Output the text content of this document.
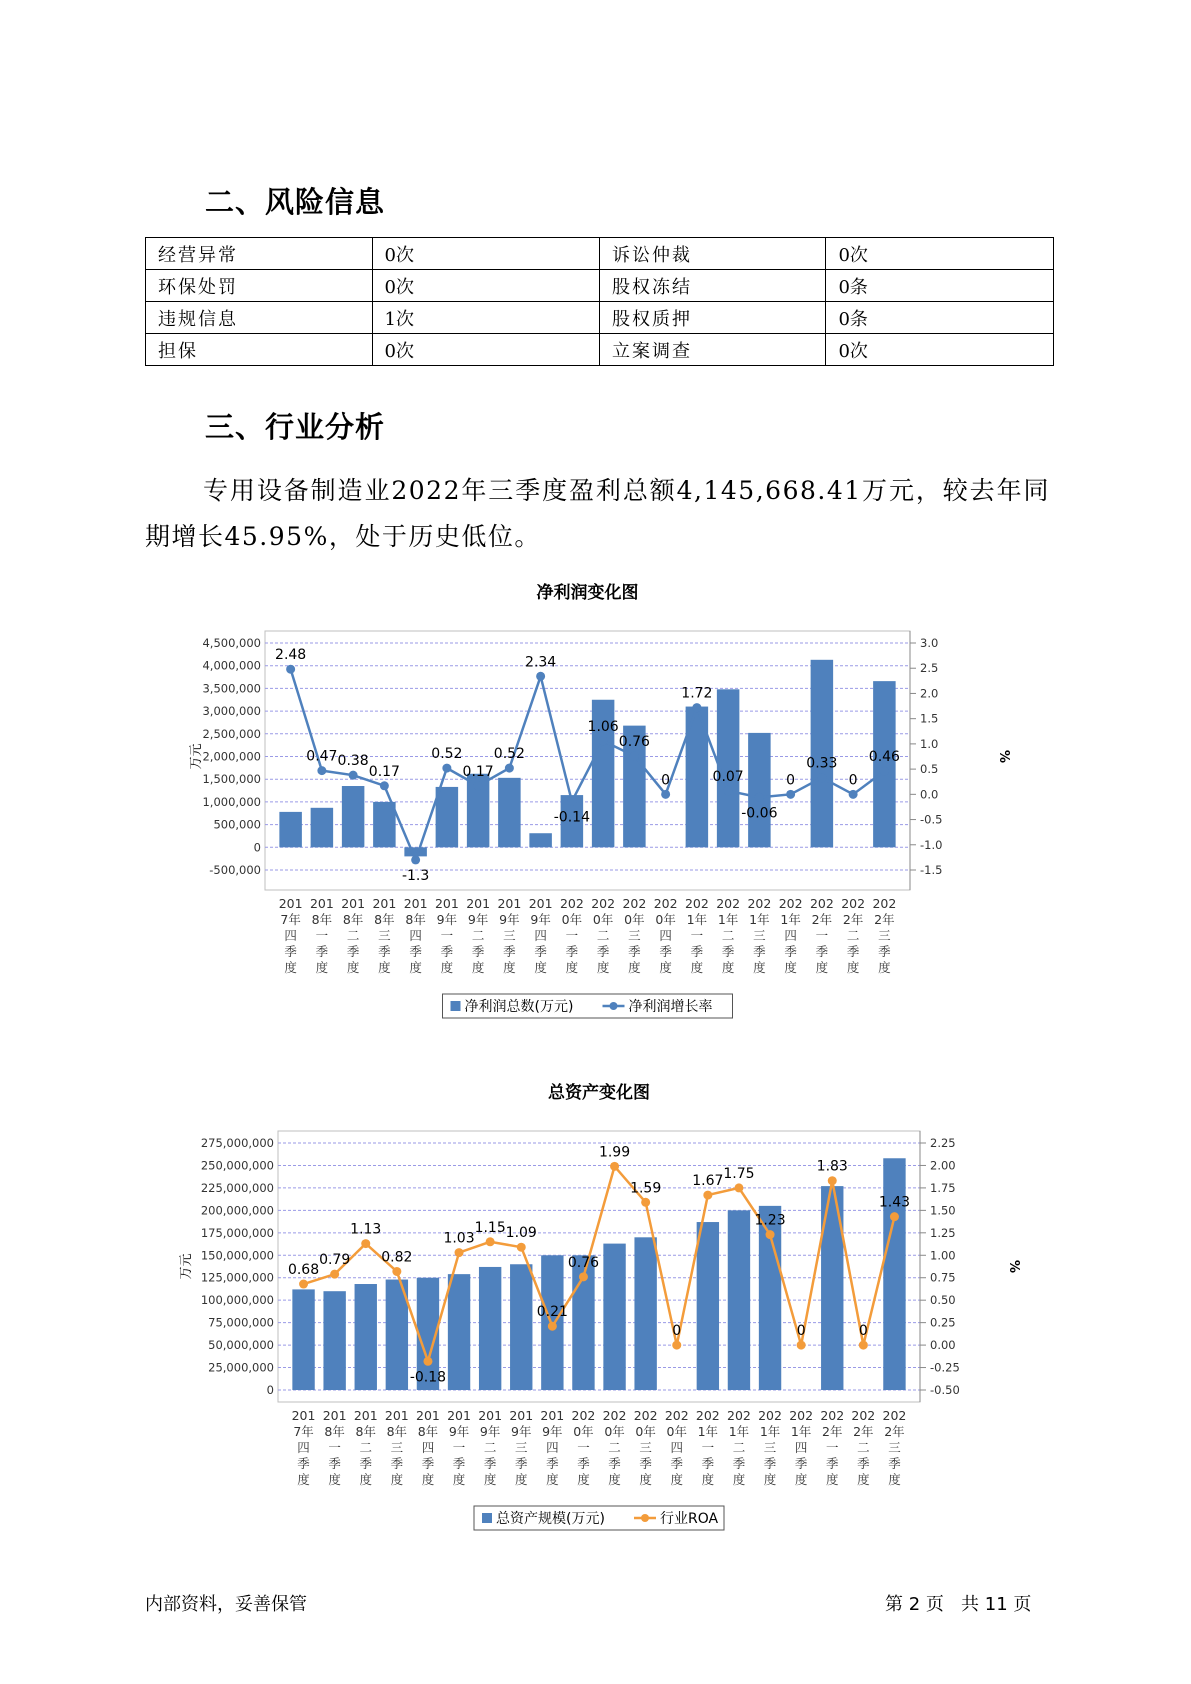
二、风险信息
经营异常	0次	诉讼仲裁	0次
环保处罚	0次	股权冻结	0条
违规信息	1次	股权质押	0条
担保	0次	立案调查	0次
三、行业分析
专用设备制造业2022年三季度盈利总额4,145,668.41万元，较去年同期增长45.95%，处于历史低位。
净利润变化图
-500,000
0
500,000
1,000,000
1,500,000
2,000,000
2,500,000
3,000,000
3,500,000
4,000,000
4,500,000
-1.5
-1.0
-0.5
0.0
0.5
1.0
1.5
2.0
2.5
3.0
万元	%
2.48
0.47 0.38
0.17
-1.3
0.52
0.17
0.52
2.34
-0.14
1.06
0.76
0
1.72
0.07
-0.06
0
0.33
0
0.46
201 7年四季度
201 8年一季度
201 8年二季度
201 8年三季度
201 8年四季度
201 9年一季度
201 9年二季度
201 9年三季度
201 9年四季度
202 0年一季度
202 0年二季度
202 0年三季度
202 0年四季度
202 1年一季度
202 1年二季度
202 1年三季度
202 1年四季度
202 2年一季度
202 2年二季度
202 2年三季度
净利润总数(万元)	净利润增长率
总资产变化图
0
25,000,000
50,000,000
75,000,000
100,000,000
125,000,000
150,000,000
175,000,000
200,000,000
225,000,000
250,000,000
275,000,000
-0.50
-0.25
0.00
0.25
0.50
0.75
1.00
1.25
1.50
1.75
2.00
2.25
万元	%
0.68
0.79
1.13
0.82
-0.18
1.03
1.15 1.09
0.21
0.76
1.99
1.59
0
1.67 1.75
1.23
0
1.83
0
1.43
201 7年四季度
201 8年一季度
201 8年二季度
201 8年三季度
201 8年四季度
201 9年一季度
201 9年二季度
201 9年三季度
201 9年四季度
202 0年一季度
202 0年二季度
202 0年三季度
202 0年四季度
202 1年一季度
202 1年二季度
202 1年三季度
202 1年四季度
202 2年一季度
202 2年二季度
202 2年三季度
总资产规模(万元)	行业ROA
内部资料，妥善保管	第 2 页   共 11 页
